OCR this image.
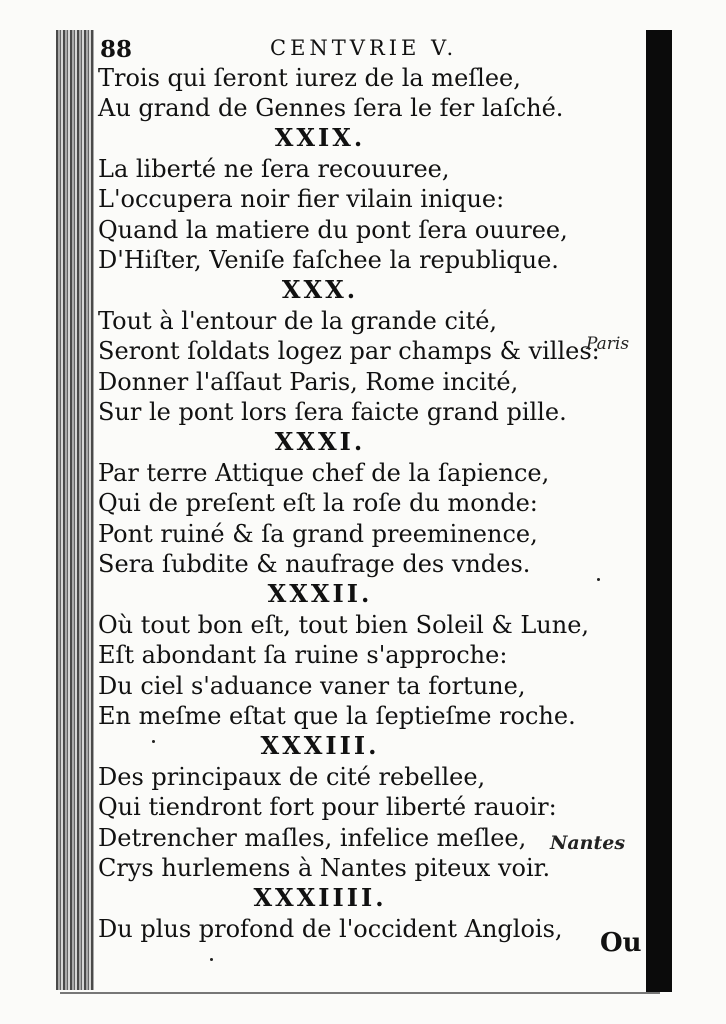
88	CENTVRIE V.
Trois qui ſeront iurez de la meſlee,
Au grand de Gennes ſera le fer laſché.
XXIX.
La liberté ne ſera recouuree,
L'occupera noir fier vilain inique:
Quand la matiere du pont ſera ouuree,
D'Hiſter, Veniſe faſchee la republique.
XXX.
Tout à l'entour de la grande cité,
Seront ſoldats logez par champs & villes:
Donner l'aſſaut Paris, Rome incité,
Sur le pont lors ſera faicte grand pille.
XXXI.
Par terre Attique chef de la ſapience,
Qui de preſent eſt la roſe du monde:
Pont ruiné & ſa grand preeminence,
Sera ſubdite & naufrage des vndes.
XXXII.
Où tout bon eſt, tout bien Soleil & Lune,
Eſt abondant ſa ruine s'approche:
Du ciel s'aduance vaner ta fortune,
En meſme eſtat que la ſeptieſme roche.
XXXIII.
Des principaux de cité rebellee,
Qui tiendront fort pour liberté rauoir:
Detrencher maſles, infelice meſlee,
Crys hurlemens à Nantes piteux voir.
XXXIIII.
Du plus profond de l'occident Anglois,
Paris
Nantes
Ou
